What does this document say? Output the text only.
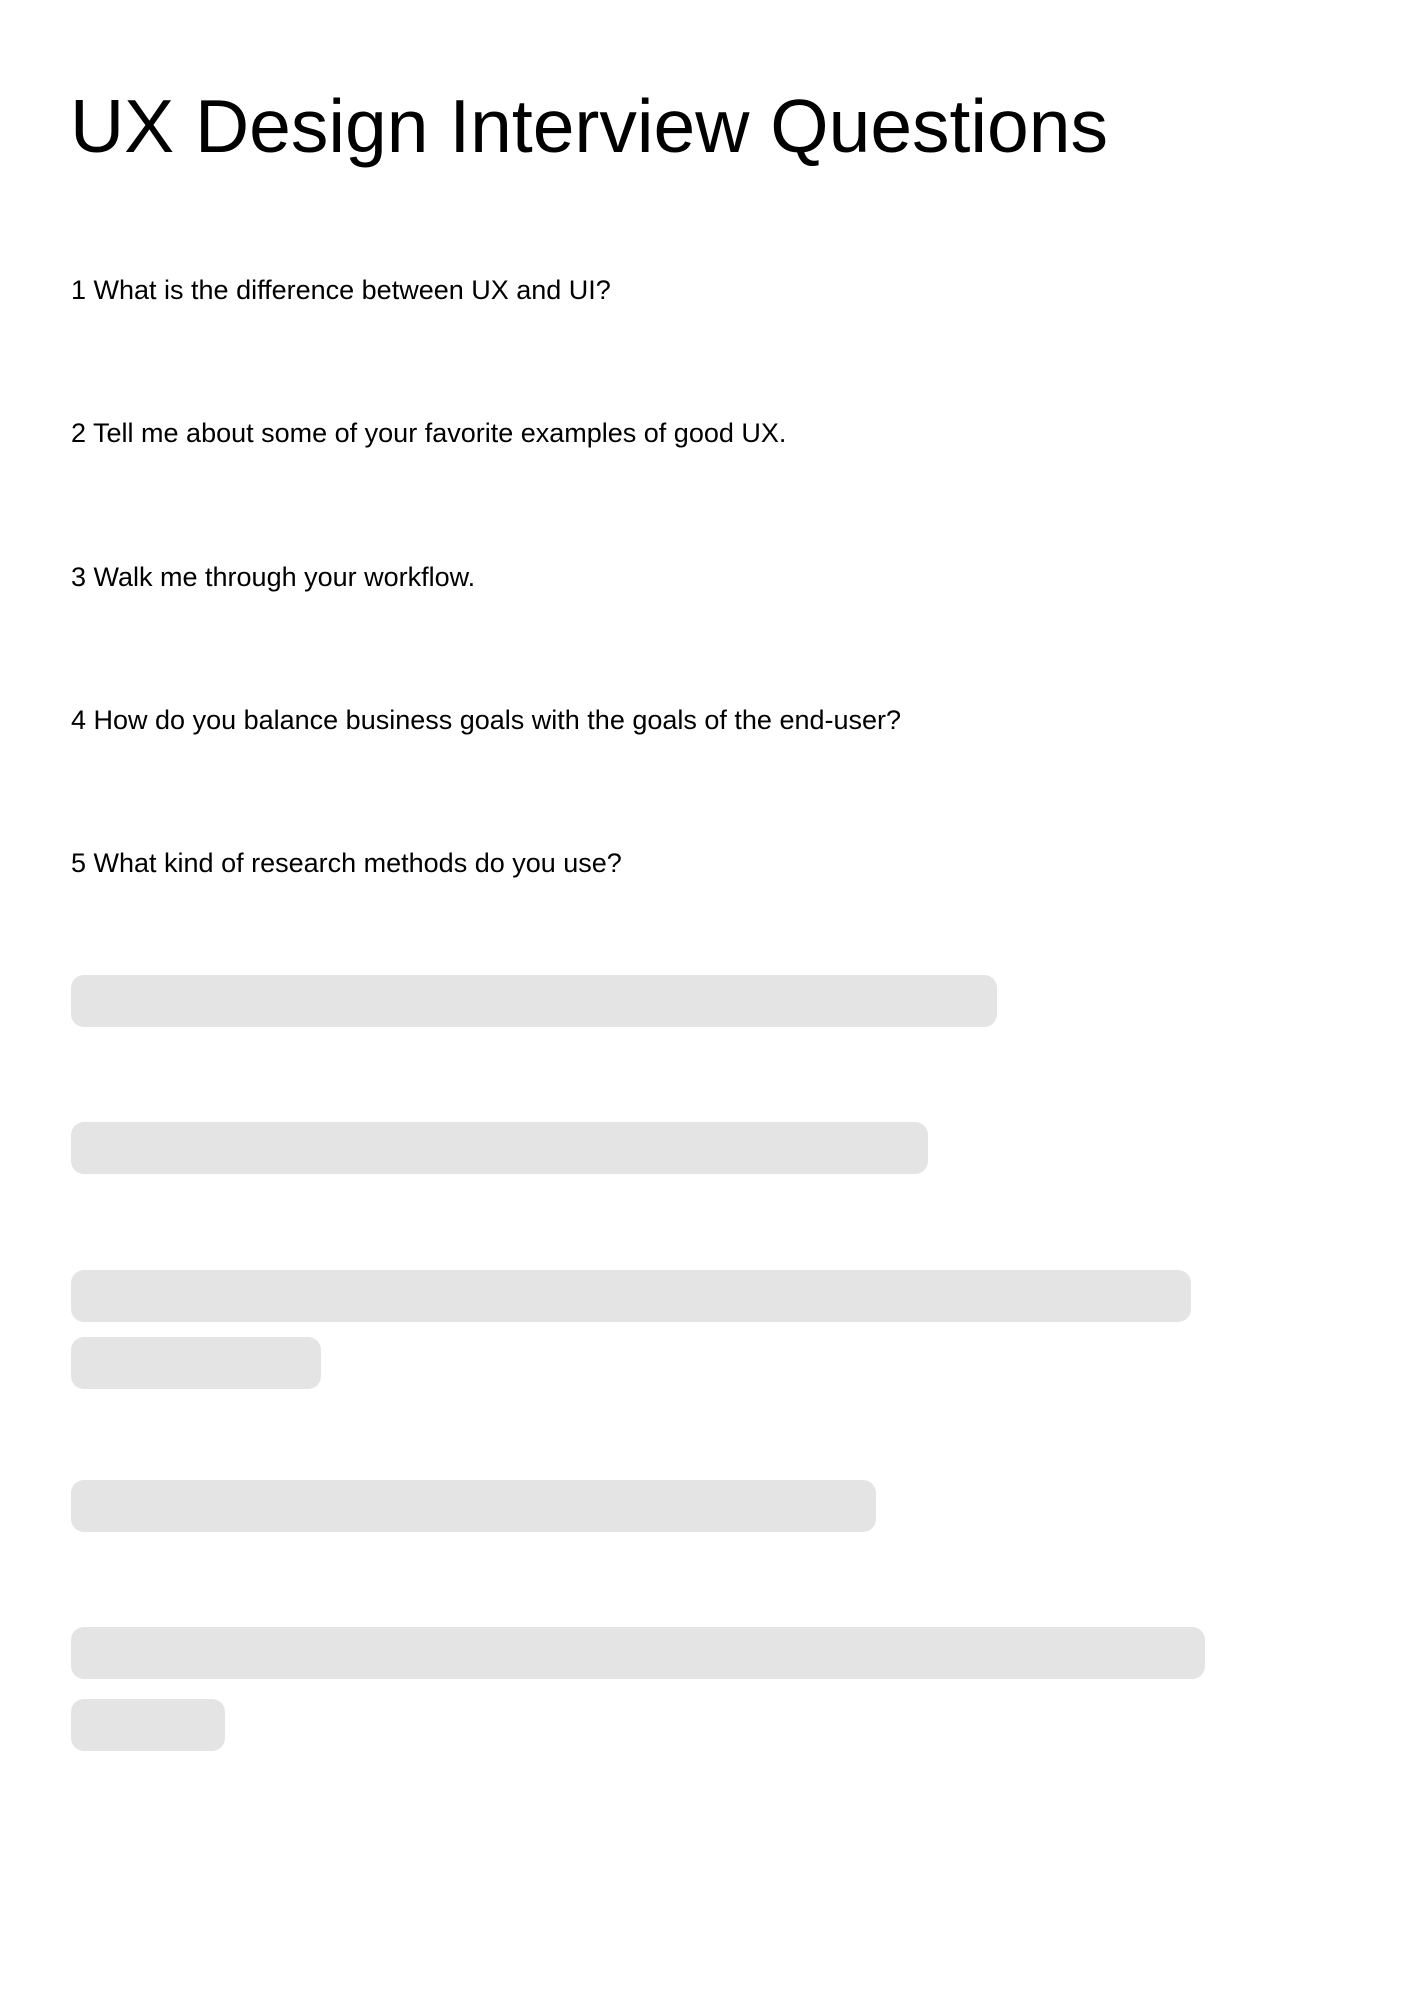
UX Design Interview Questions

1 What is the difference between UX and UI?

2 Tell me about some of your favorite examples of good UX.

3 Walk me through your workflow.

4 How do you balance business goals with the goals of the end-user?

5 What kind of research methods do you use?
